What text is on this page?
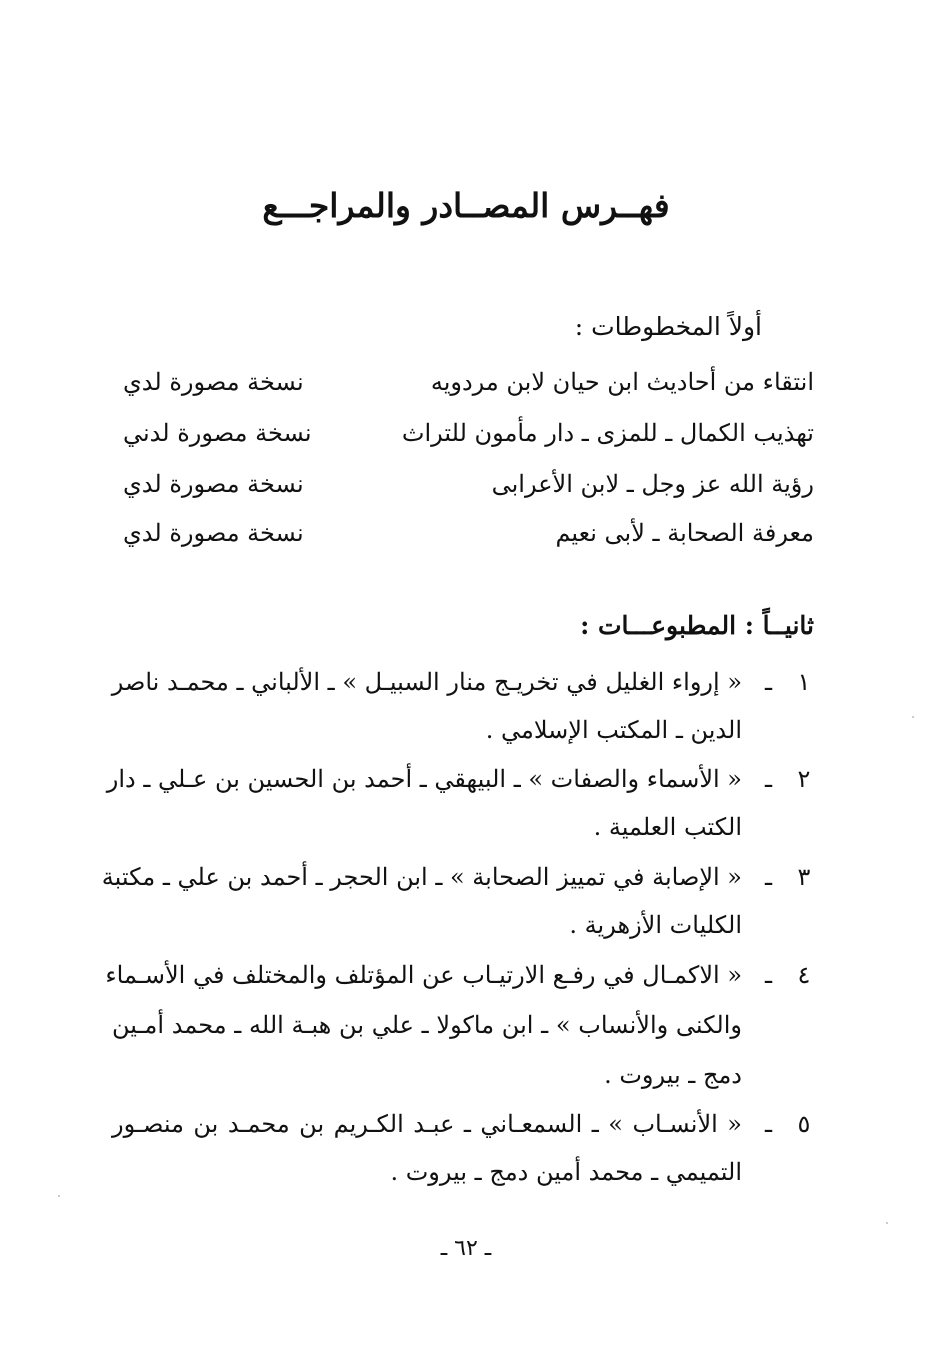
فهــرس المصــادر والمراجـــع
أولاً المخطوطات :
انتقاء من أحاديث ابن حيان لابن مردويه
نسخة مصورة لدي
تهذيب الكمال ـ للمزى ـ دار مأمون للتراث
نسخة مصورة لدني
رؤية الله عز وجل ـ لابن الأعرابى
نسخة مصورة لدي
معرفة الصحابة ـ لأبى نعيم
نسخة مصورة لدي
ثانيــاً : المطبوعـــات :
١
ـ
« إرواء الغليل في تخريـج منار السبيـل » ـ الألباني ـ محمـد ناصر
الدين ـ المكتب الإسلامي .
٢
ـ
« الأسماء والصفات » ـ البيهقي ـ أحمد بن الحسين بن عـلي ـ دار
الكتب العلمية .
٣
ـ
« الإصابة في تمييز الصحابة » ـ ابن الحجر ـ أحمد بن علي ـ مكتبة
الكليات الأزهرية .
٤
ـ
« الاكمـال في رفـع الارتيـاب عن المؤتلف والمختلف في الأسـماء
والكنى والأنساب » ـ ابن ماكولا ـ علي بن هبـة الله ـ محمد أمـين
دمج ـ بيروت .
٥
ـ
« الأنسـاب » ـ السمعـاني ـ عبـد الكـريم بن محمـد بن منصـور
التميمي ـ محمد أمين دمج ـ بيروت .
ـ ٦٢ ـ
